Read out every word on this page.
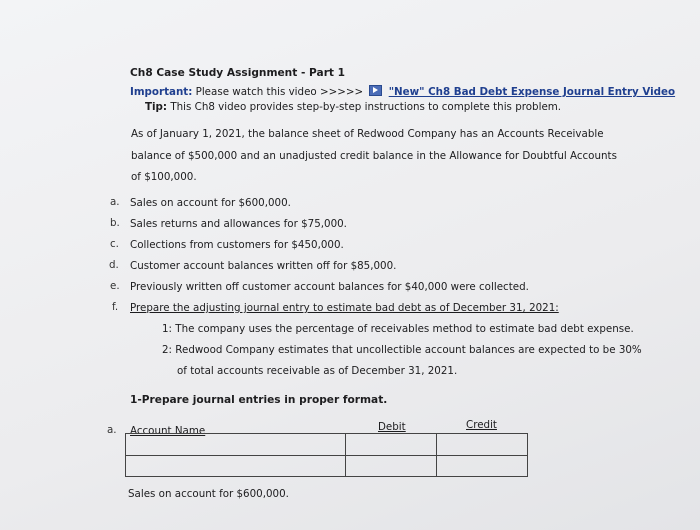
Ch8 Case Study Assignment - Part 1
Important: Please watch this video >>>>> "New" Ch8 Bad Debt Expense Journal Entry Video
Tip: This Ch8 video provides step-by-step instructions to complete this problem.
As of January 1, 2021, the balance sheet of Redwood Company has an Accounts Receivable
balance of $500,000 and an unadjusted credit balance in the Allowance for Doubtful Accounts
of $100,000.
a. Sales on account for $600,000.
b. Sales returns and allowances for $75,000.
c. Collections from customers for $450,000.
d. Customer account balances written off for $85,000.
e. Previously written off customer account balances for $40,000 were collected.
f. Prepare the adjusting journal entry to estimate bad debt as of December 31, 2021:
1: The company uses the percentage of receivables method to estimate bad debt expense.
2: Redwood Company estimates that uncollectible account balances are expected to be 30%
of total accounts receivable as of December 31, 2021.
1-Prepare journal entries in proper format.
a. Account Name	Debit	Credit

Sales on account for $600,000.
